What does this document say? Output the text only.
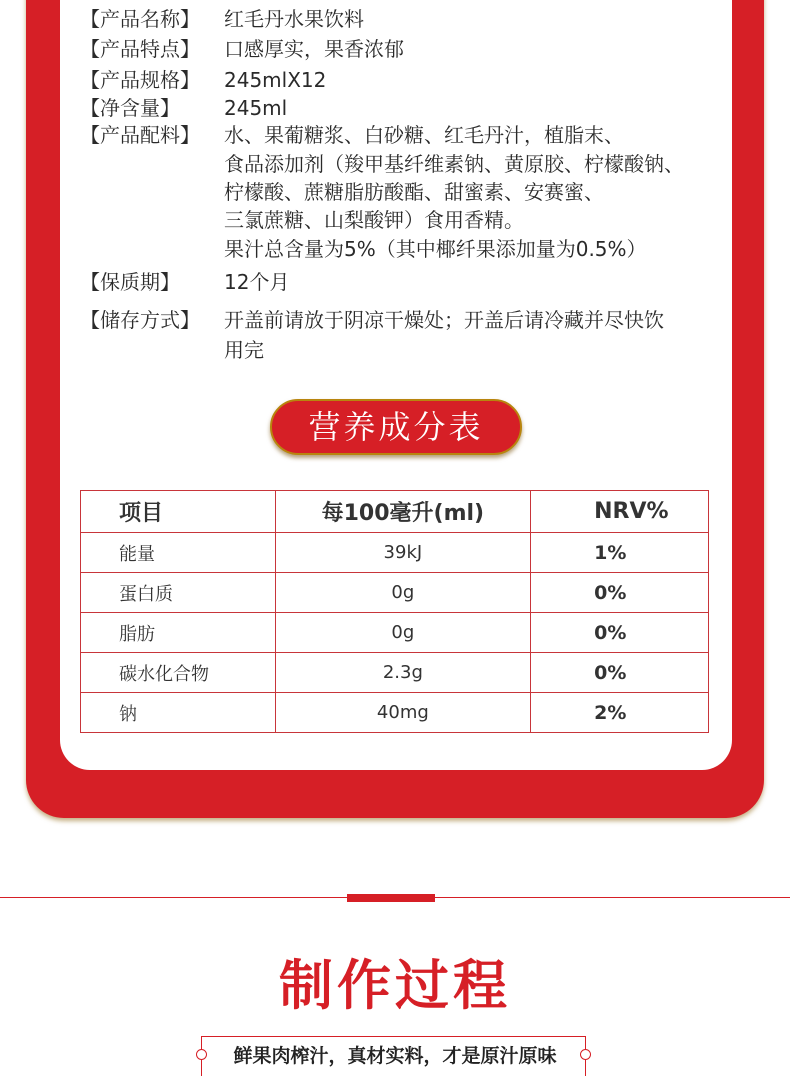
【产品名称】 红毛丹水果饮料
【产品特点】 口感厚实，果香浓郁
【产品规格】 245mlX12
【净含量】 245ml
【产品配料】 水、果葡糖浆、白砂糖、红毛丹汁，植脂末、
食品添加剂（羧甲基纤维素钠、黄原胶、柠檬酸钠、
柠檬酸、蔗糖脂肪酸酯、甜蜜素、安赛蜜、
三氯蔗糖、山梨酸钾）食用香精。
果汁总含量为5%（其中椰纤果添加量为0.5%）
【保质期】 12个月
【储存方式】 开盖前请放于阴凉干燥处；开盖后请冷藏并尽快饮
用完
营养成分表
项目	每100毫升(ml)	NRV%
能量	39kJ	1%
蛋白质	0g	0%
脂肪	0g	0%
碳水化合物	2.3g	0%
钠	40mg	2%
制作过程
鲜果肉榨汁，真材实料，才是原汁原味
